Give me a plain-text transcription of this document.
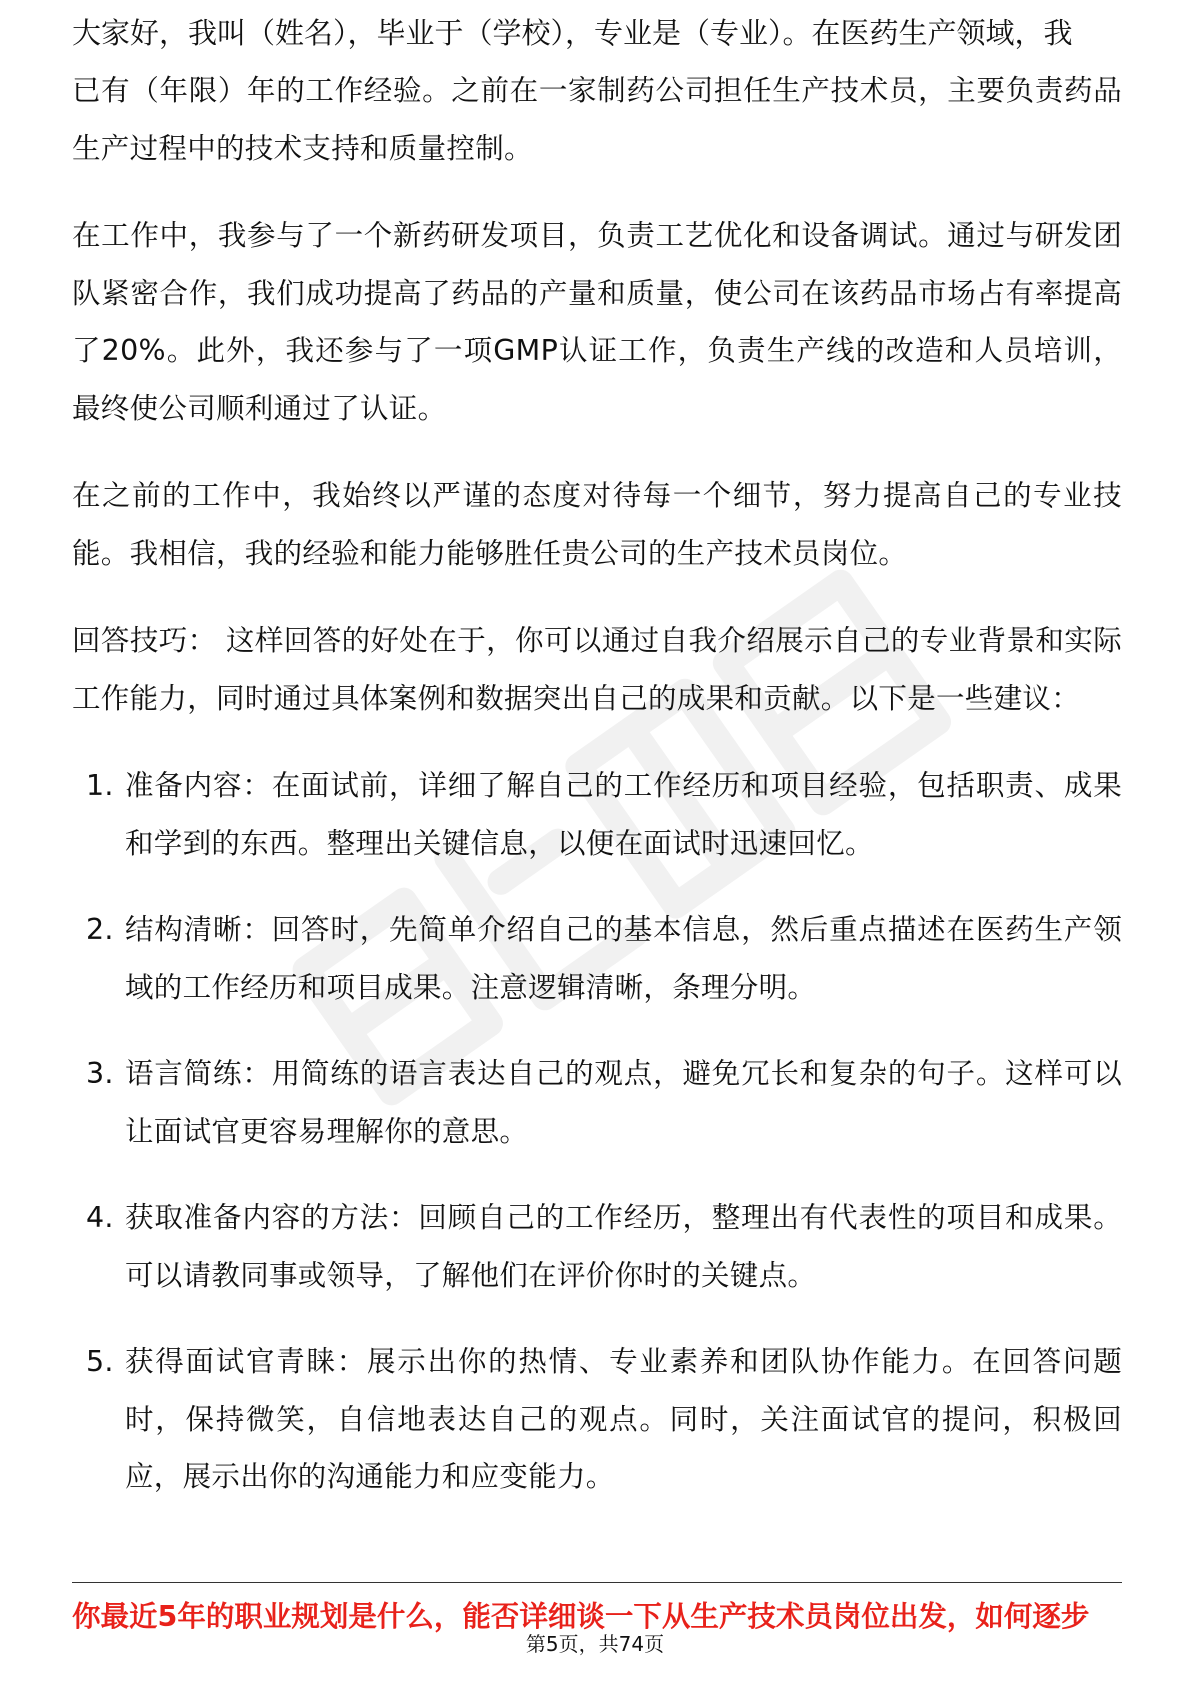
大家好，我叫（姓名），毕业于（学校），专业是（专业）。在医药生产领域，我

已有（年限）年的工作经验。之前在一家制药公司担任生产技术员，主要负责药品生产过程中的技术支持和质量控制。

在工作中，我参与了一个新药研发项目，负责工艺优化和设备调试。通过与研发团队紧密合作，我们成功提高了药品的产量和质量，使公司在该药品市场占有率提高了20%。此外，我还参与了一项GMP认证工作，负责生产线的改造和人员培训，最终使公司顺利通过了认证。

在之前的工作中，我始终以严谨的态度对待每一个细节，努力提高自己的专业技能。我相信，我的经验和能力能够胜任贵公司的生产技术员岗位。

回答技巧： 这样回答的好处在于，你可以通过自我介绍展示自己的专业背景和实际工作能力，同时通过具体案例和数据突出自己的成果和贡献。以下是一些建议：

1. 准备内容：在面试前，详细了解自己的工作经历和项目经验，包括职责、成果和学到的东西。整理出关键信息，以便在面试时迅速回忆。
2. 结构清晰：回答时，先简单介绍自己的基本信息，然后重点描述在医药生产领域的工作经历和项目成果。注意逻辑清晰，条理分明。
3. 语言简练：用简练的语言表达自己的观点，避免冗长和复杂的句子。这样可以让面试官更容易理解你的意思。
4. 获取准备内容的方法：回顾自己的工作经历，整理出有代表性的项目和成果。可以请教同事或领导，了解他们在评价你时的关键点。
5. 获得面试官青睐：展示出你的热情、专业素养和团队协作能力。在回答问题时，保持微笑，自信地表达自己的观点。同时，关注面试官的提问，积极回应，展示出你的沟通能力和应变能力。
你最近5年的职业规划是什么，能否详细谈一下从生产技术员岗位出发，如何逐步
第5页，共74页
